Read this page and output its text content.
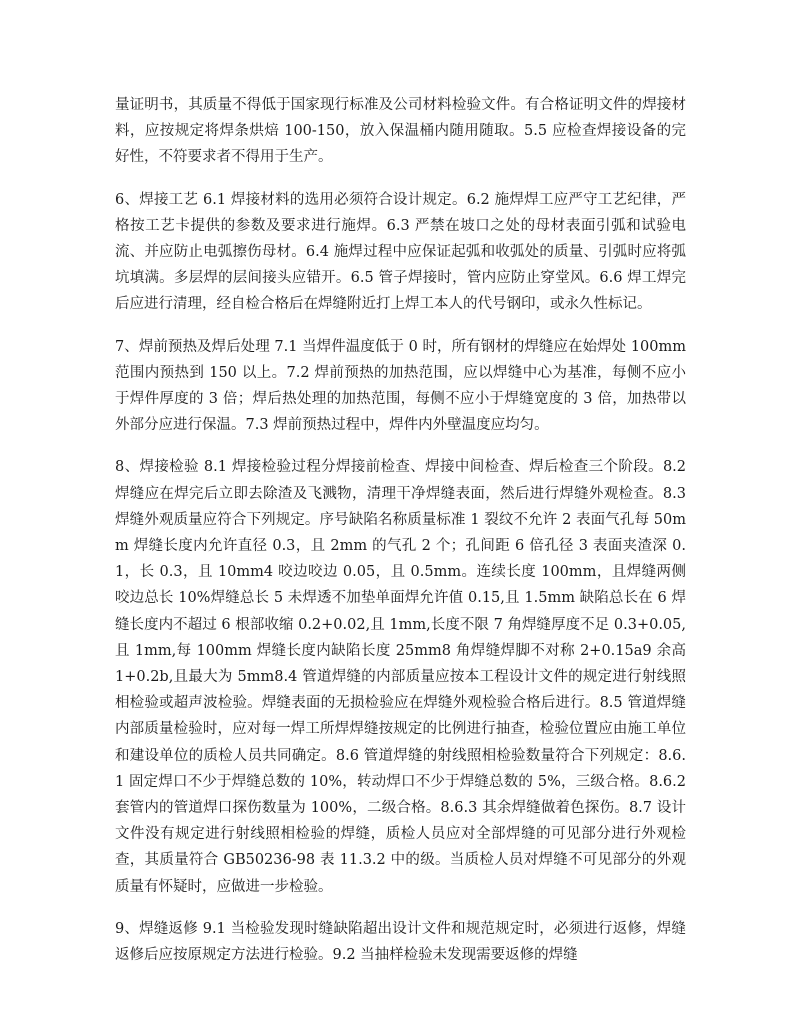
量证明书，其质量不得低于国家现行标准及公司材料检验文件。有合格证明文件的焊接材料，应按规定将焊条烘焙 100-150，放入保温桶内随用随取。5.5 应检查焊接设备的完好性，不符要求者不得用于生产。

6、焊接工艺 6.1 焊接材料的选用必须符合设计规定。6.2 施焊焊工应严守工艺纪律，严格按工艺卡提供的参数及要求进行施焊。6.3 严禁在坡口之处的母材表面引弧和试验电流、并应防止电弧擦伤母材。6.4 施焊过程中应保证起弧和收弧处的质量、引弧时应将弧坑填满。多层焊的层间接头应错开。6.5 管子焊接时，管内应防止穿堂风。6.6 焊工焊完后应进行清理，经自检合格后在焊缝附近打上焊工本人的代号钢印，或永久性标记。

7、焊前预热及焊后处理 7.1 当焊件温度低于 0 时，所有钢材的焊缝应在始焊处 100mm 范围内预热到 150 以上。7.2 焊前预热的加热范围，应以焊缝中心为基准，每侧不应小于焊件厚度的 3 倍；焊后热处理的加热范围，每侧不应小于焊缝宽度的 3 倍，加热带以外部分应进行保温。7.3 焊前预热过程中，焊件内外壁温度应均匀。

8、焊接检验 8.1 焊接检验过程分焊接前检查、焊接中间检查、焊后检查三个阶段。8.2 焊缝应在焊完后立即去除渣及飞溅物，清理干净焊缝表面，然后进行焊缝外观检查。8.3 焊缝外观质量应符合下列规定。序号缺陷名称质量标准 1 裂纹不允许 2 表面气孔每 50mm 焊缝长度内允许直径 0.3，且 2mm 的气孔 2 个；孔间距 6 倍孔径 3 表面夹渣深 0.1，长 0.3，且 10mm4 咬边咬边 0.05，且 0.5mm。连续长度 100mm，且焊缝两侧咬边总长 10%焊缝总长 5 未焊透不加垫单面焊允许值 0.15,且 1.5mm 缺陷总长在 6 焊缝长度内不超过 6 根部收缩 0.2+0.02,且 1mm,长度不限 7 角焊缝厚度不足 0.3+0.05,且 1mm,每 100mm 焊缝长度内缺陷长度 25mm8 角焊缝焊脚不对称 2+0.15a9 余高 1+0.2b,且最大为 5mm8.4 管道焊缝的内部质量应按本工程设计文件的规定进行射线照相检验或超声波检验。焊缝表面的无损检验应在焊缝外观检验合格后进行。8.5 管道焊缝内部质量检验时，应对每一焊工所焊焊缝按规定的比例进行抽查，检验位置应由施工单位和建设单位的质检人员共同确定。8.6 管道焊缝的射线照相检验数量符合下列规定：8.6.1 固定焊口不少于焊缝总数的 10%，转动焊口不少于焊缝总数的 5%，三级合格。8.6.2 套管内的管道焊口探伤数量为 100%，二级合格。8.6.3 其余焊缝做着色探伤。8.7 设计文件没有规定进行射线照相检验的焊缝，质检人员应对全部焊缝的可见部分进行外观检查，其质量符合 GB50236-98 表 11.3.2 中的级。当质检人员对焊缝不可见部分的外观质量有怀疑时，应做进一步检验。

9、焊缝返修 9.1 当检验发现时缝缺陷超出设计文件和规范规定时，必须进行返修，焊缝返修后应按原规定方法进行检验。9.2 当抽样检验未发现需要返修的焊缝
